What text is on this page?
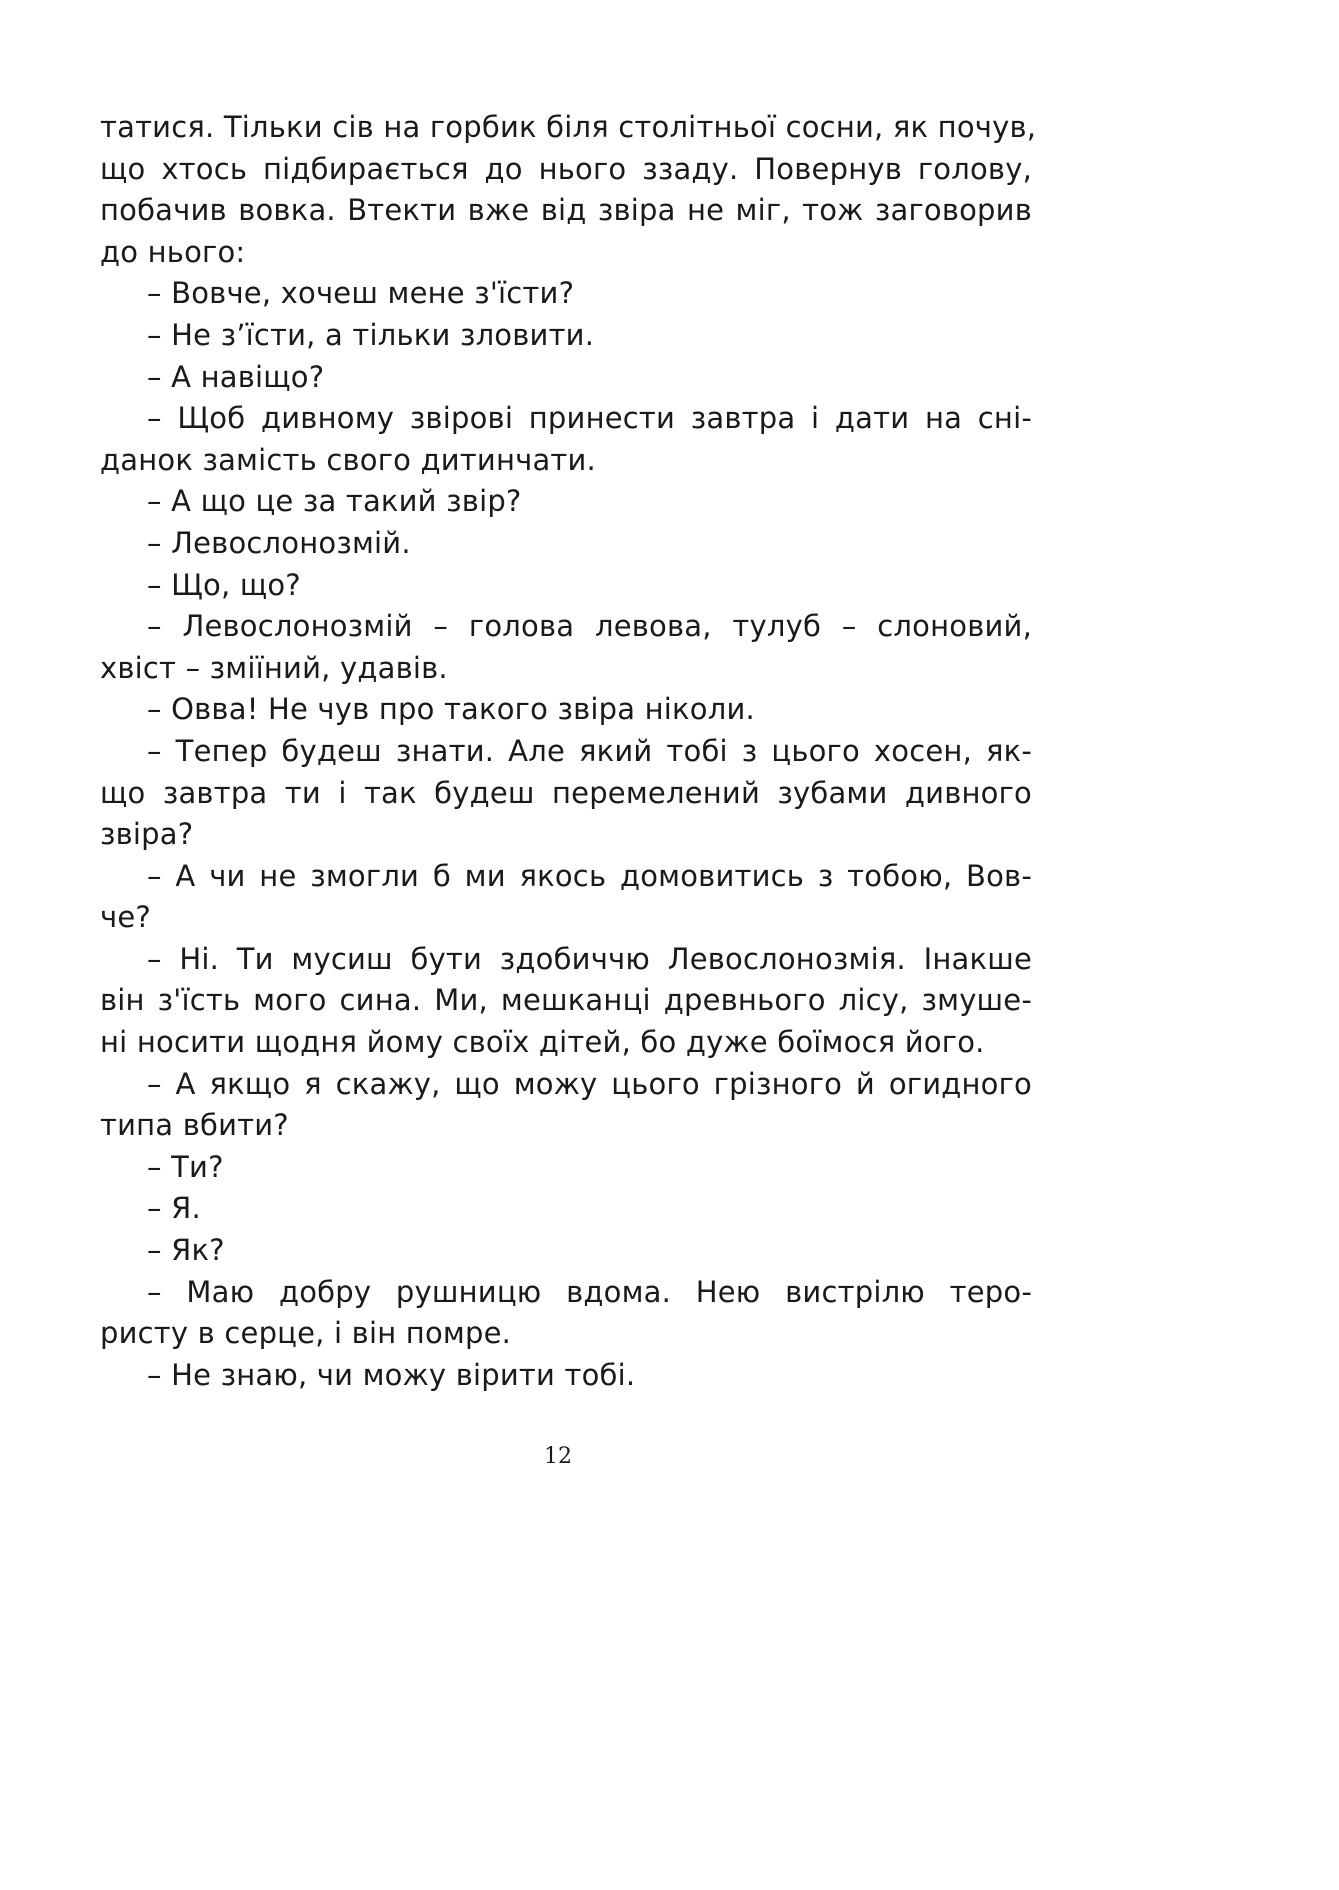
татися. Тільки сів на горбик біля столітньої сосни, як почув,
що хтось підбирається до нього ззаду. Повернув голову,
побачив вовка. Втекти вже від звіра не міг, тож заговорив
до нього:
– Вовче, хочеш мене з'їсти?
– Не з’їсти, а тільки зловити.
– А навіщо?
– Щоб дивному звірові принести завтра і дати на сні-
данок замість свого дитинчати.
– А що це за такий звір?
– Левослонозмій.
– Що, що?
– Левослонозмій – голова левова, тулуб – слоновий,
хвіст – зміїний, удавів.
– Овва! Не чув про такого звіра ніколи.
– Тепер будеш знати. Але який тобі з цього хосен, як-
що завтра ти і так будеш перемелений зубами дивного
звіра?
– А чи не змогли б ми якось домовитись з тобою, Вов-
че?
– Ні. Ти мусиш бути здобиччю Левослонозмія. Інакше
він з'їсть мого сина. Ми, мешканці древнього лісу, змуше-
ні носити щодня йому своїх дітей, бо дуже боїмося його.
– А якщо я скажу, що можу цього грізного й огидного
типа вбити?
– Ти?
– Я.
– Як?
– Маю добру рушницю вдома. Нею вистрілю теро-
ристу в серце, і він помре.
– Не знаю, чи можу вірити тобі.
12
